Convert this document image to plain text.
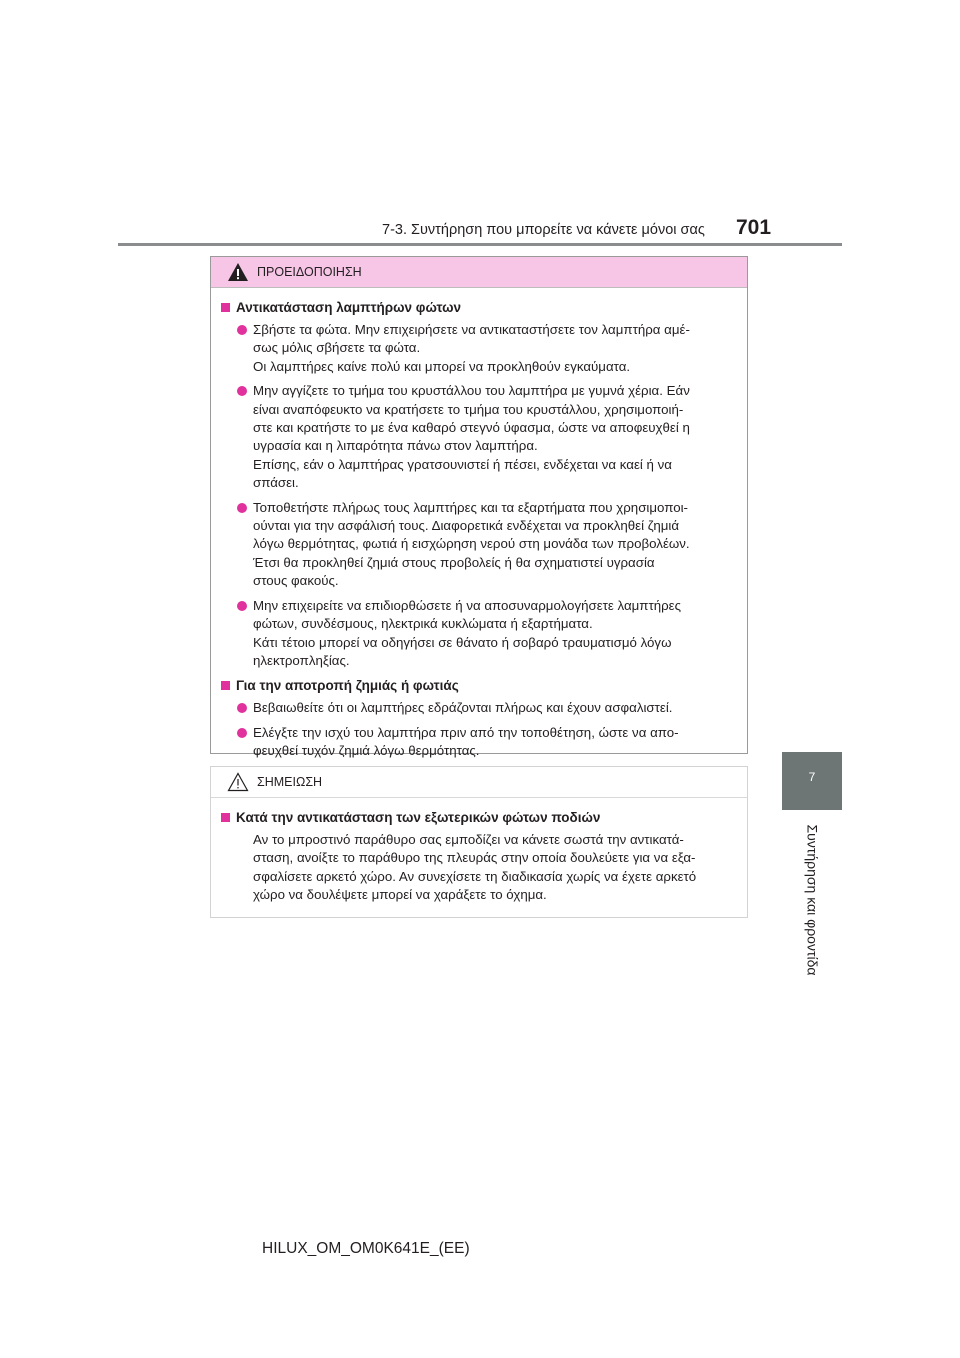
7-3. Συντήρηση που μπορείτε να κάνετε μόνοι σας 701
7
Συντήρηση και φροντίδα
ΠΡΟΕΙΔΟΠΟΙΗΣΗ
Αντικατάσταση λαμπτήρων φώτων
Σβήστε τα φώτα. Μην επιχειρήσετε να αντικαταστήσετε τον λαμπτήρα αμέ-
σως μόλις σβήσετε τα φώτα.
Οι λαμπτήρες καίνε πολύ και μπορεί να προκληθούν εγκαύματα.
Μην αγγίζετε το τμήμα του κρυστάλλου του λαμπτήρα με γυμνά χέρια. Εάν
είναι αναπόφευκτο να κρατήσετε το τμήμα του κρυστάλλου, χρησιμοποιή-
στε και κρατήστε το με ένα καθαρό στεγνό ύφασμα, ώστε να αποφευχθεί η
υγρασία και η λιπαρότητα πάνω στον λαμπτήρα.
Επίσης, εάν ο λαμπτήρας γρατσουνιστεί ή πέσει, ενδέχεται να καεί ή να
σπάσει.
Τοποθετήστε πλήρως τους λαμπτήρες και τα εξαρτήματα που χρησιμοποι-
ούνται για την ασφάλισή τους. Διαφορετικά ενδέχεται να προκληθεί ζημιά
λόγω θερμότητας, φωτιά ή εισχώρηση νερού στη μονάδα των προβολέων.
Έτσι θα προκληθεί ζημιά στους προβολείς ή θα σχηματιστεί υγρασία
στους φακούς.
Μην επιχειρείτε να επιδιορθώσετε ή να αποσυναρμολογήσετε λαμπτήρες
φώτων, συνδέσμους, ηλεκτρικά κυκλώματα ή εξαρτήματα.
Κάτι τέτοιο μπορεί να οδηγήσει σε θάνατο ή σοβαρό τραυματισμό λόγω
ηλεκτροπληξίας.
Για την αποτροπή ζημιάς ή φωτιάς
Βεβαιωθείτε ότι οι λαμπτήρες εδράζονται πλήρως και έχουν ασφαλιστεί.
Ελέγξτε την ισχύ του λαμπτήρα πριν από την τοποθέτηση, ώστε να απο-
φευχθεί τυχόν ζημιά λόγω θερμότητας.
ΣΗΜΕΙΩΣΗ
Κατά την αντικατάσταση των εξωτερικών φώτων ποδιών

Αν το μπροστινό παράθυρο σας εμποδίζει να κάνετε σωστά την αντικατά-
σταση, ανοίξτε το παράθυρο της πλευράς στην οποία δουλεύετε για να εξα-
σφαλίσετε αρκετό χώρο. Αν συνεχίσετε τη διαδικασία χωρίς να έχετε αρκετό
χώρο να δουλέψετε μπορεί να χαράξετε το όχημα.

HILUX_OM_OM0K641E_(EE)
